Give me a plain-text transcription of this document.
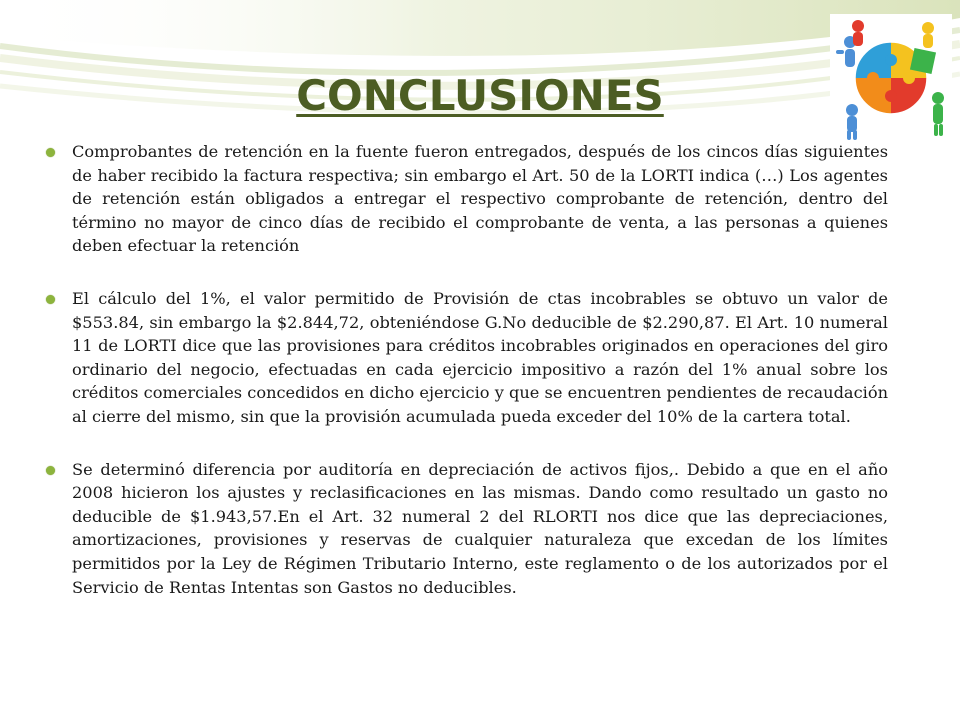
CONCLUSIONES
Comprobantes de retención en la fuente fueron entregados, después de los cincos días siguientes de haber recibido la factura respectiva; sin embargo el Art. 50 de la LORTI indica (…) Los agentes de retención están obligados a entregar el respectivo comprobante de retención, dentro del término no mayor de cinco días de recibido el comprobante de venta, a las personas a quienes deben efectuar la retención
El cálculo del 1%, el valor permitido de Provisión de ctas incobrables se obtuvo un valor de $553.84, sin embargo la $2.844,72, obteniéndose G.No deducible de $2.290,87. El Art. 10 numeral 11 de LORTI dice que las provisiones para créditos incobrables originados en operaciones del giro ordinario del negocio, efectuadas en cada ejercicio impositivo a razón del 1% anual sobre los créditos comerciales concedidos en dicho ejercicio y que se encuentren pendientes de recaudación al cierre del mismo, sin que la provisión acumulada pueda exceder del 10% de la cartera total.
Se determinó diferencia por auditoría en depreciación de activos fijos,. Debido a que en el año 2008 hicieron los ajustes y reclasificaciones en las mismas. Dando como resultado un gasto no deducible de $1.943,57.En el Art. 32 numeral 2 del RLORTI nos dice que las depreciaciones, amortizaciones, provisiones y reservas de cualquier naturaleza que excedan de los límites permitidos por la Ley de Régimen Tributario Interno, este reglamento o de los autorizados por el Servicio de Rentas Intentas son Gastos no deducibles.
